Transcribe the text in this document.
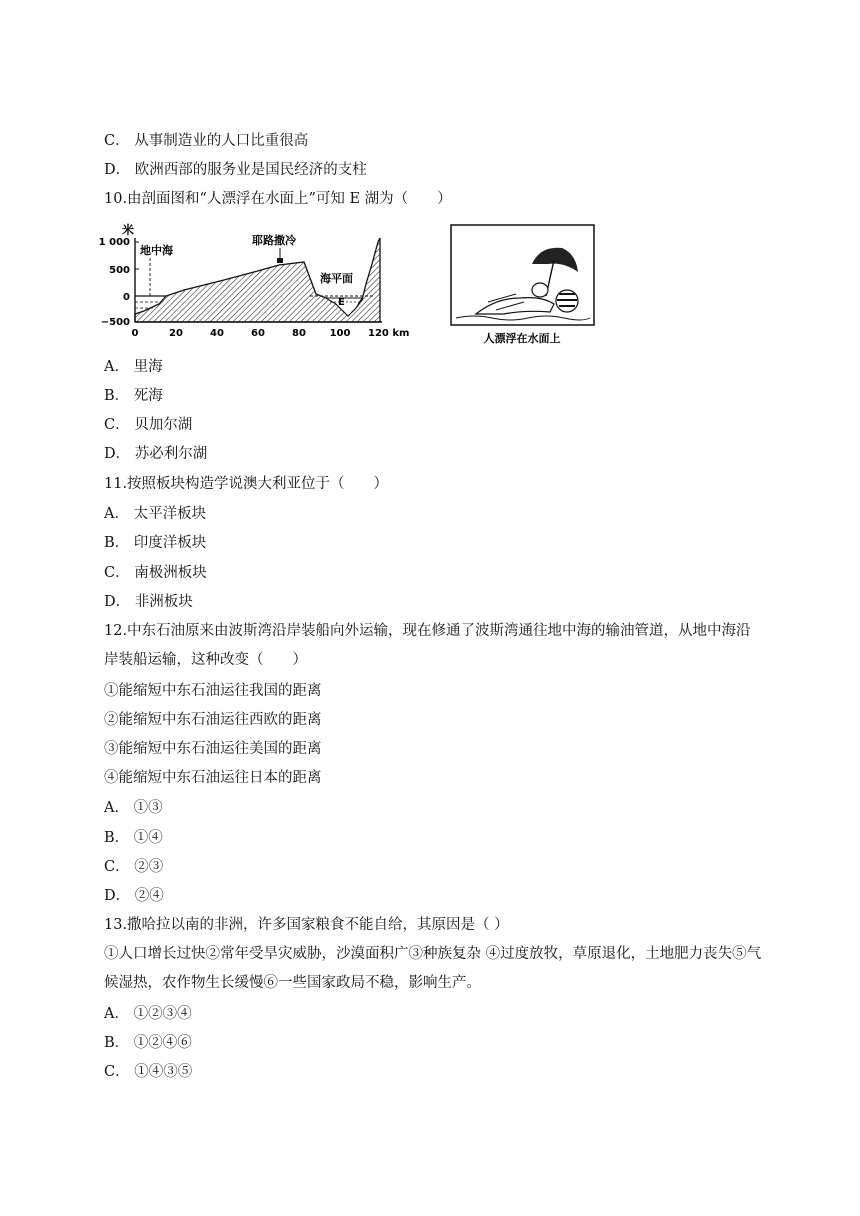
C． 从事制造业的人口比重很高
D． 欧洲西部的服务业是国民经济的支柱
10.由剖面图和“人漂浮在水面上”可知 E 湖为（　　）
米
1 000
500
0
−500
地中海
耶路撒冷
海平面
E
0	20	40	60	80 100 120 km	人漂浮在水面上
A． 里海
B． 死海
C． 贝加尔湖
D． 苏必利尔湖
11.按照板块构造学说澳大利亚位于（　　）
A． 太平洋板块
B． 印度洋板块
C． 南极洲板块
D． 非洲板块
12.中东石油原来由波斯湾沿岸装船向外运输，现在修通了波斯湾通往地中海的输油管道，从地中海沿岸装船运输，这种改变（　　）
①能缩短中东石油运往我国的距离
②能缩短中东石油运往西欧的距离
③能缩短中东石油运往美国的距离
④能缩短中东石油运往日本的距离
A． ①③
B． ①④
C． ②③
D． ②④
13.撒哈拉以南的非洲，许多国家粮食不能自给，其原因是（ ）
①人口增长过快②常年受旱灾威胁，沙漠面积广③种族复杂 ④过度放牧，草原退化，土地肥力丧失⑤气候湿热，农作物生长缓慢⑥一些国家政局不稳，影响生产。
A． ①②③④
B． ①②④⑥
C． ①④③⑤
